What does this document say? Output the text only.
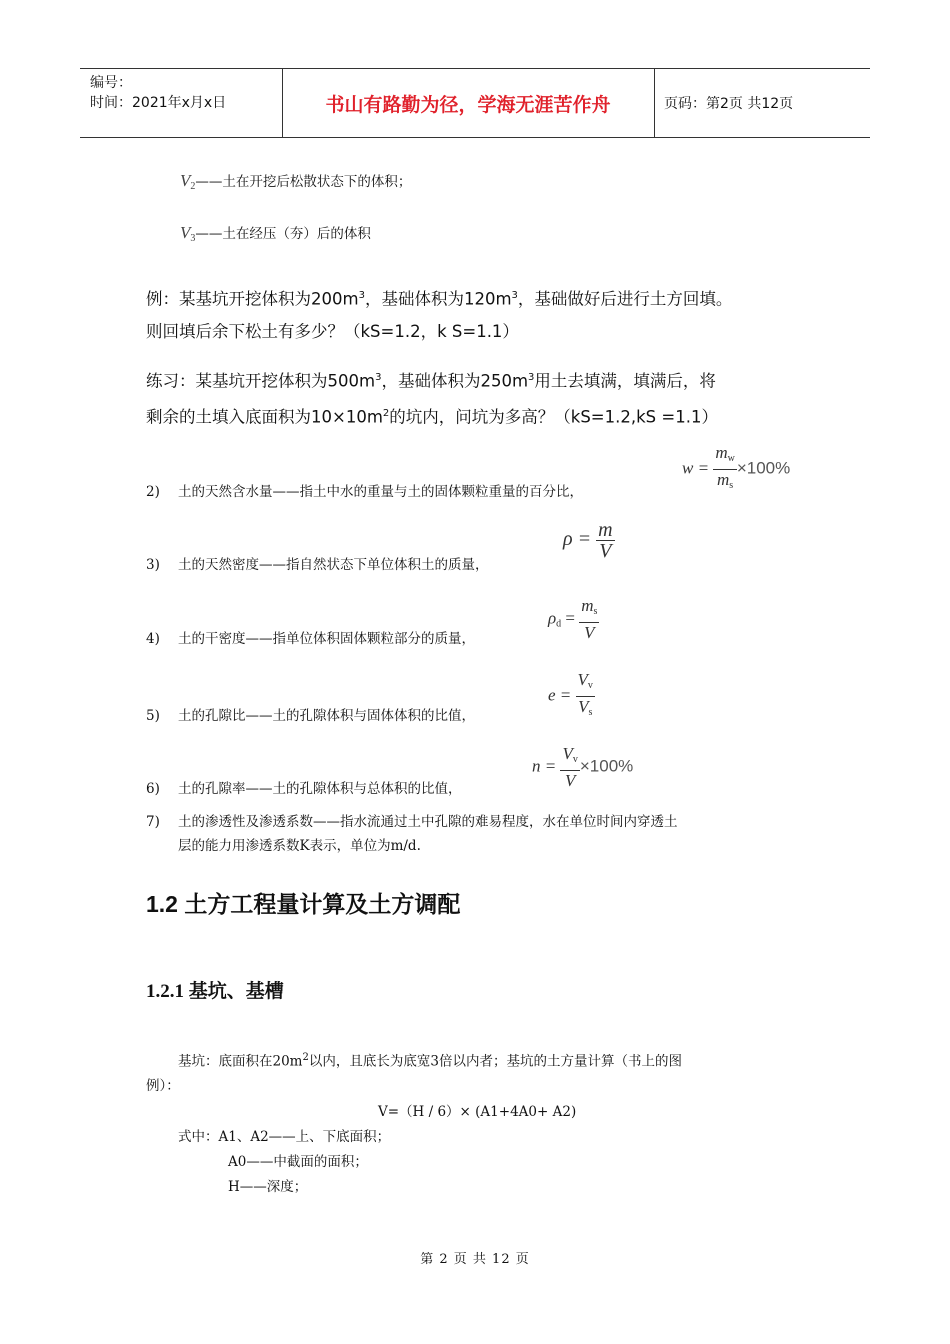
编号：
时间：2021年x月x日	书山有路勤为径，学海无涯苦作舟	页码：第2页 共12页
$V_2——$土在开挖后松散状态下的体积；
$V_3——$土在经压（夯）后的体积
例：某基坑开挖体积为$200m^3$，基础体积为$120m^3$，基础做好后进行土方回填。
则回填后余下松土有多少？（kS=1.2，k S=1.1）
练习：某基坑开挖体积为$500m^3$，基础体积为$250m^3$用土去填满，填满后，将
剩余的土填入底面积为$10\times 10m^2$的坑内，问坑为多高？（kS=1.2,kS =1.1）
2) 土的天然含水量——指土中水的重量与土的固体颗粒重量的百分比，
$w = \frac{m_w}{m_s} \times 100\%$
3) 土的天然密度——指自然状态下单位体积土的质量，
$\rho = \frac{m}{V}$
4) 土的干密度——指单位体积固体颗粒部分的质量，
$\rho_d = \frac{m_s}{V}$
5) 土的孔隙比——土的孔隙体积与固体体积的比值，
$e = \frac{V_v}{V_s}$
6) 土的孔隙率——土的孔隙体积与总体积的比值，
$n = \frac{V_v}{V} \times 100\%$
7) 土的渗透性及渗透系数——指水流通过土中孔隙的难易程度，水在单位时间内穿透土
层的能力用渗透系数K表示，单位为m/d.
1.2 土方工程量计算及土方调配
1.2.1 基坑、基槽
基坑：底面积在$20m^2$以内，且底长为底宽3倍以内者；基坑的土方量计算（书上的图
例）：
V=（H / 6）× (A1+4A0+ A2)
式中：A1、A2——上、下底面积；
A0——中截面的面积；
H——深度；
第 2 页 共 12 页
